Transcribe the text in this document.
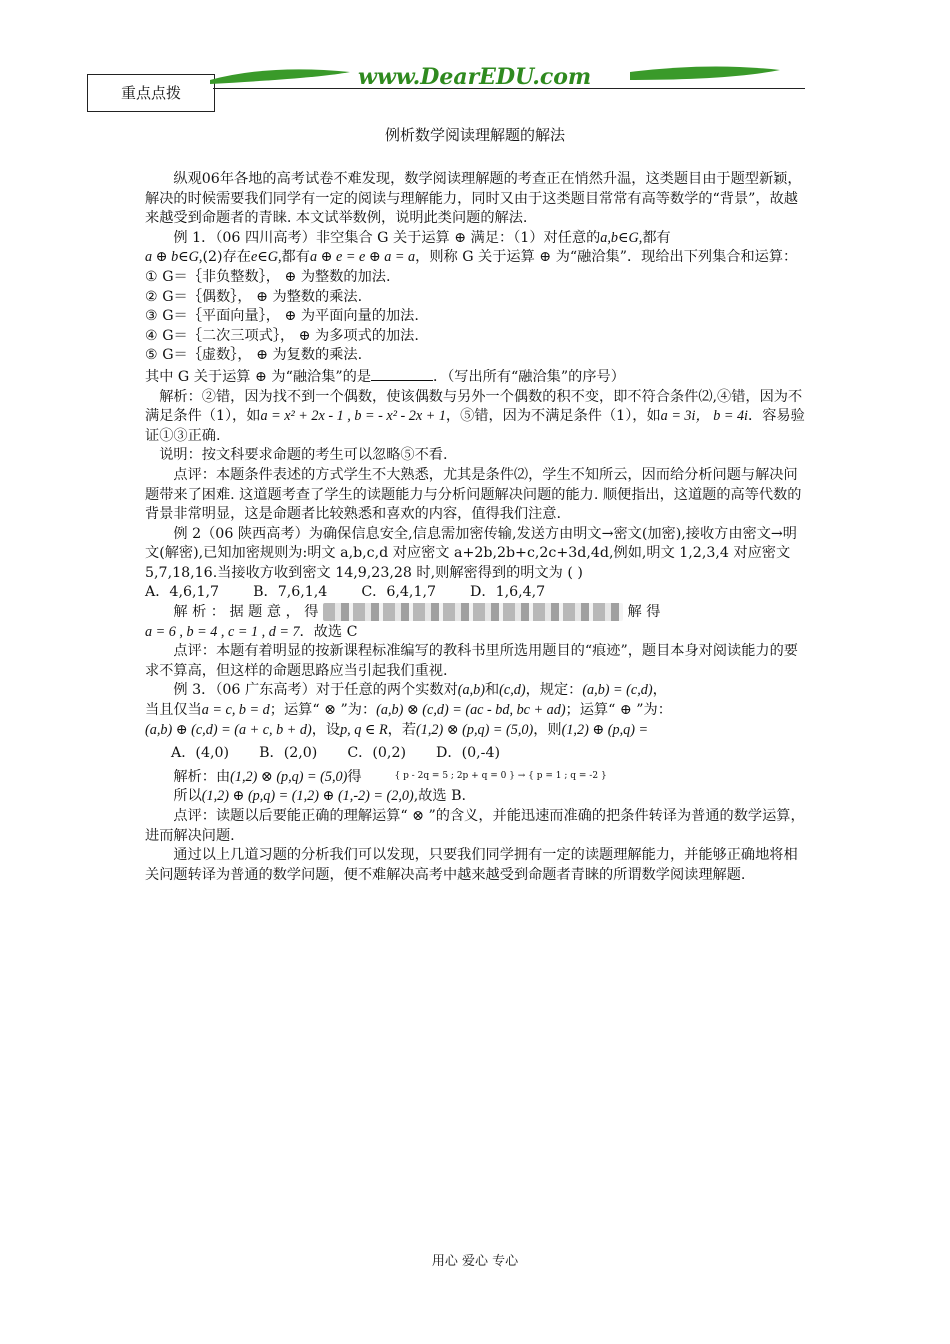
重点点拨
www.DearEDU.com
例析数学阅读理解题的解法

纵观06年各地的高考试卷不难发现，数学阅读理解题的考查正在悄然升温，这类题目由于题型新颖，解决的时候需要我们同学有一定的阅读与理解能力，同时又由于这类题目常常有高等数学的“背景”，故越来越受到命题者的青睐. 本文试举数例，说明此类问题的解法.

例 1．（06 四川高考）非空集合 G 关于运算 ⊕ 满足：（1）对任意的a,b∈G,都有

a ⊕ b∈G,(2)存在e∈G,都有a ⊕ e = e ⊕ a = a，则称 G 关于运算 ⊕ 为“融洽集”．现给出下列集合和运算：

① G＝｛非负整数｝， ⊕ 为整数的加法.

② G＝｛偶数｝， ⊕ 为整数的乘法.

③ G＝｛平面向量｝， ⊕ 为平面向量的加法.

④ G＝｛二次三项式｝， ⊕ 为多项式的加法.

⑤ G＝｛虚数｝， ⊕ 为复数的乘法.

其中 G 关于运算 ⊕ 为“融洽集”的是	．（写出所有“融洽集”的序号）

解析：②错，因为找不到一个偶数，使该偶数与另外一个偶数的积不变，即不符合条件⑵,④错，因为不满足条件（1），如a = x² + 2x - 1 , b = - x² - 2x + 1，⑤错，因为不满足条件（1），如a = 3i， b = 4i．容易验证①③正确.

说明：按文科要求命题的考生可以忽略⑤不看.

点评：本题条件表述的方式学生不大熟悉，尤其是条件⑵，学生不知所云，因而给分析问题与解决问题带来了困难. 这道题考查了学生的读题能力与分析问题解决问题的能力. 顺便指出，这道题的高等代数的背景非常明显，这是命题者比较熟悉和喜欢的内容，值得我们注意.

例 2（06 陕西高考）为确保信息安全,信息需加密传输,发送方由明文→密文(加密),接收方由密文→明文(解密),已知加密规则为:明文 a,b,c,d 对应密文 a+2b,2b+c,2c+3d,4d,例如,明文 1,2,3,4 对应密文 5,7,18,16.当接收方收到密文 14,9,23,28 时,则解密得到的明文为 ( )

A．4,6,1,7 B．7,6,1,4 C．6,4,1,7 D．1,6,4,7

解 析 ： 据 题 意 ， 得	解 得

a = 6 , b = 4 , c = 1 , d = 7．故选 C

点评：本题有着明显的按新课程标准编写的教科书里所选用题目的“痕迹”，题目本身对阅读能力的要求不算高，但这样的命题思路应当引起我们重视.

例 3．（06 广东高考）对于任意的两个实数对(a,b)和(c,d)，规定：(a,b) = (c,d)，

当且仅当a = c, b = d；运算“ ⊗ ”为：(a,b) ⊗ (c,d) = (ac - bd, bc + ad)；运算“ ⊕ ”为：

(a,b) ⊕ (c,d) = (a + c, b + d)，设p, q ∈ R，若(1,2) ⊗ (p,q) = (5,0)，则(1,2) ⊕ (p,q) =

A．(4,0) B．(2,0) C．(0,2) D．(0,-4)

解析：由(1,2) ⊗ (p,q) = (5,0)得	{ p - 2q = 5 ; 2p + q = 0 } → { p = 1 ; q = -2 }

所以(1,2) ⊕ (p,q) = (1,2) ⊕ (1,-2) = (2,0),故选 B.

点评：读题以后要能正确的理解运算“ ⊗ ”的含义，并能迅速而准确的把条件转译为普通的数学运算，进而解决问题.

通过以上几道习题的分析我们可以发现，只要我们同学拥有一定的读题理解能力，并能够正确地将相关问题转译为普通的数学问题，便不难解决高考中越来越受到命题者青睐的所谓数学阅读理解题.

用心 爱心 专心
